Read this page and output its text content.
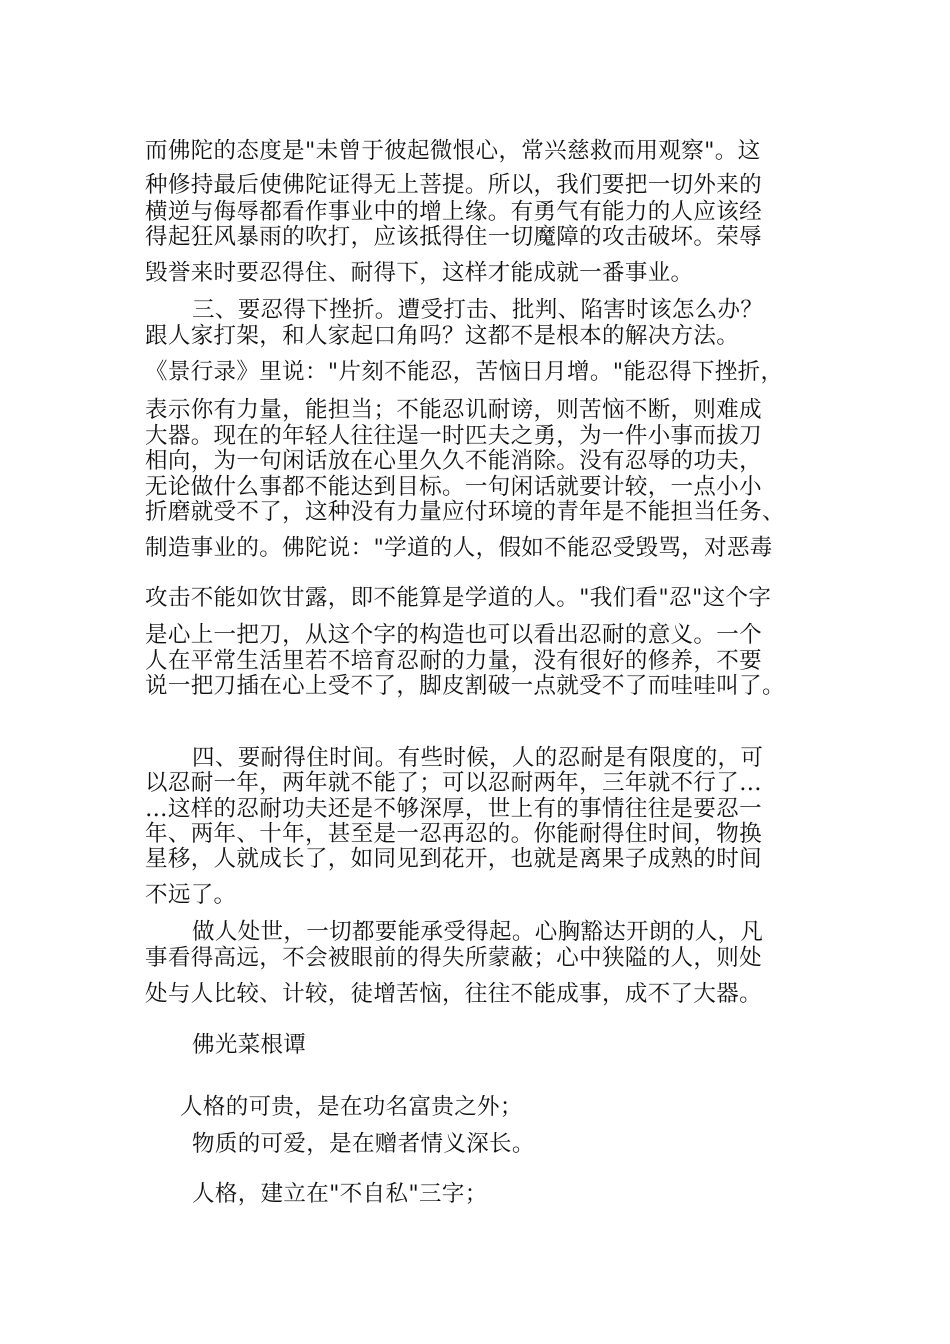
而佛陀的态度是"未曾于彼起微恨心，常兴慈救而用观察"。这
种修持最后使佛陀证得无上菩提。所以，我们要把一切外来的
横逆与侮辱都看作事业中的增上缘。有勇气有能力的人应该经
得起狂风暴雨的吹打，应该抵得住一切魔障的攻击破坏。荣辱
毁誉来时要忍得住、耐得下，这样才能成就一番事业。
三、要忍得下挫折。遭受打击、批判、陷害时该怎么办？
跟人家打架，和人家起口角吗？这都不是根本的解决方法。
《景行录》里说："片刻不能忍，苦恼日月增。"能忍得下挫折，
表示你有力量，能担当；不能忍讥耐谤，则苦恼不断，则难成
大器。现在的年轻人往往逞一时匹夫之勇，为一件小事而拔刀
相向，为一句闲话放在心里久久不能消除。没有忍辱的功夫，
无论做什么事都不能达到目标。一句闲话就要计较，一点小小
折磨就受不了，这种没有力量应付环境的青年是不能担当任务、
制造事业的。佛陀说："学道的人，假如不能忍受毁骂，对恶毒
攻击不能如饮甘露，即不能算是学道的人。"我们看"忍"这个字
是心上一把刀，从这个字的构造也可以看出忍耐的意义。一个
人在平常生活里若不培育忍耐的力量，没有很好的修养，不要
说一把刀插在心上受不了，脚皮割破一点就受不了而哇哇叫了。
四、要耐得住时间。有些时候，人的忍耐是有限度的，可
以忍耐一年，两年就不能了；可以忍耐两年，三年就不行了…
…这样的忍耐功夫还是不够深厚，世上有的事情往往是要忍一
年、两年、十年，甚至是一忍再忍的。你能耐得住时间，物换
星移，人就成长了，如同见到花开，也就是离果子成熟的时间
不远了。
做人处世，一切都要能承受得起。心胸豁达开朗的人，凡
事看得高远，不会被眼前的得失所蒙蔽；心中狭隘的人，则处
处与人比较、计较，徒增苦恼，往往不能成事，成不了大器。
佛光菜根谭
人格的可贵，是在功名富贵之外；
物质的可爱，是在赠者情义深长。
人格，建立在"不自私"三字；
